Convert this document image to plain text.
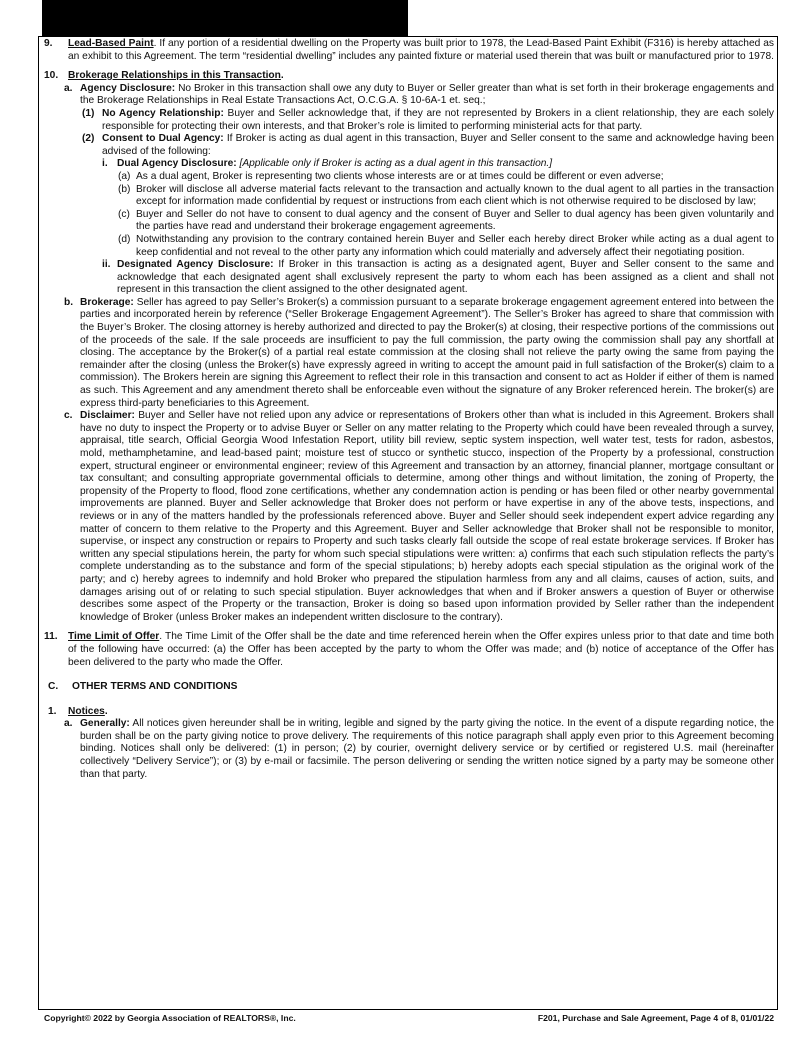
9.	Lead-Based Paint. If any portion of a residential dwelling on the Property was built prior to 1978, the Lead-Based Paint Exhibit (F316) is hereby attached as an exhibit to this Agreement. The term “residential dwelling” includes any painted fixture or material used therein that was built or manufactured prior to 1978.

10. Brokerage Relationships in this Transaction.

a. Agency Disclosure: No Broker in this transaction shall owe any duty to Buyer or Seller greater than what is set forth in their brokerage engagements and the Brokerage Relationships in Real Estate Transactions Act, O.C.G.A. § 10-6A-1 et. seq.;

(1) No Agency Relationship: Buyer and Seller acknowledge that, if they are not represented by Brokers in a client relationship, they are each solely responsible for protecting their own interests, and that Broker’s role is limited to performing ministerial acts for that party.

(2) Consent to Dual Agency: If Broker is acting as dual agent in this transaction, Buyer and Seller consent to the same and acknowledge having been advised of the following:

i. Dual Agency Disclosure: [Applicable only if Broker is acting as a dual agent in this transaction.]

(a) As a dual agent, Broker is representing two clients whose interests are or at times could be different or even adverse;

(b) Broker will disclose all adverse material facts relevant to the transaction and actually known to the dual agent to all parties in the transaction except for information made confidential by request or instructions from each client which is not otherwise required to be disclosed by law;

(c) Buyer and Seller do not have to consent to dual agency and the consent of Buyer and Seller to dual agency has been given voluntarily and the parties have read and understand their brokerage engagement agreements.

(d) Notwithstanding any provision to the contrary contained herein Buyer and Seller each hereby direct Broker while acting as a dual agent to keep confidential and not reveal to the other party any information which could materially and adversely affect their negotiating position.

ii. Designated Agency Disclosure: If Broker in this transaction is acting as a designated agent, Buyer and Seller consent to the same and acknowledge that each designated agent shall exclusively represent the party to whom each has been assigned as a client and shall not represent in this transaction the client assigned to the other designated agent.

b. Brokerage: Seller has agreed to pay Seller’s Broker(s) a commission pursuant to a separate brokerage engagement agreement entered into between the parties and incorporated herein by reference (“Seller Brokerage Engagement Agreement”). The Seller’s Broker has agreed to share that commission with the Buyer’s Broker. The closing attorney is hereby authorized and directed to pay the Broker(s) at closing, their respective portions of the commissions out of the proceeds of the sale. If the sale proceeds are insufficient to pay the full commission, the party owing the commission shall pay any shortfall at closing. The acceptance by the Broker(s) of a partial real estate commission at the closing shall not relieve the party owing the same from paying the remainder after the closing (unless the Broker(s) have expressly agreed in writing to accept the amount paid in full satisfaction of the Broker(s) claim to a commission). The Brokers herein are signing this Agreement to reflect their role in this transaction and consent to act as Holder if either of them is named as such. This Agreement and any amendment thereto shall be enforceable even without the signature of any Broker referenced herein. The broker(s) are express third-party beneficiaries to this Agreement.

c. Disclaimer: Buyer and Seller have not relied upon any advice or representations of Brokers other than what is included in this Agreement. Brokers shall have no duty to inspect the Property or to advise Buyer or Seller on any matter relating to the Property which could have been revealed through a survey, appraisal, title search, Official Georgia Wood Infestation Report, utility bill review, septic system inspection, well water test, tests for radon, asbestos, mold, methamphetamine, and lead-based paint; moisture test of stucco or synthetic stucco, inspection of the Property by a professional, construction expert, structural engineer or environmental engineer; review of this Agreement and transaction by an attorney, financial planner, mortgage consultant or tax consultant; and consulting appropriate governmental officials to determine, among other things and without limitation, the zoning of Property, the propensity of the Property to flood, flood zone certifications, whether any condemnation action is pending or has been filed or other nearby governmental improvements are planned. Buyer and Seller acknowledge that Broker does not perform or have expertise in any of the above tests, inspections, and reviews or in any of the matters handled by the professionals referenced above. Buyer and Seller should seek independent expert advice regarding any matter of concern to them relative to the Property and this Agreement. Buyer and Seller acknowledge that Broker shall not be responsible to monitor, supervise, or inspect any construction or repairs to Property and such tasks clearly fall outside the scope of real estate brokerage services. If Broker has written any special stipulations herein, the party for whom such special stipulations were written: a) confirms that each such stipulation reflects the party’s complete understanding as to the substance and form of the special stipulations; b) hereby adopts each special stipulation as the original work of the party; and c) hereby agrees to indemnify and hold Broker who prepared the stipulation harmless from any and all claims, causes of action, suits, and damages arising out of or relating to such special stipulation. Buyer acknowledges that when and if Broker answers a question of Buyer or otherwise describes some aspect of the Property or the transaction, Broker is doing so based upon information provided by Seller rather than the independent knowledge of Broker (unless Broker makes an independent written disclosure to the contrary).

11.	Time Limit of Offer. The Time Limit of the Offer shall be the date and time referenced herein when the Offer expires unless prior to that date and time both of the following have occurred: (a) the Offer has been accepted by the party to whom the Offer was made; and (b) notice of acceptance of the Offer has been delivered to the party who made the Offer.

C.	OTHER TERMS AND CONDITIONS
1.	Notices.

a. Generally: All notices given hereunder shall be in writing, legible and signed by the party giving the notice. In the event of a dispute regarding notice, the burden shall be on the party giving notice to prove delivery. The requirements of this notice paragraph shall apply even prior to this Agreement becoming binding. Notices shall only be delivered: (1) in person; (2) by courier, overnight delivery service or by certified or registered U.S. mail (hereinafter collectively “Delivery Service”); or (3) by e-mail or facsimile. The person delivering or sending the written notice signed by a party may be someone other than that party.

Copyright© 2022 by Georgia Association of REALTORS®, Inc.	F201, Purchase and Sale Agreement, Page 4 of 8, 01/01/22
